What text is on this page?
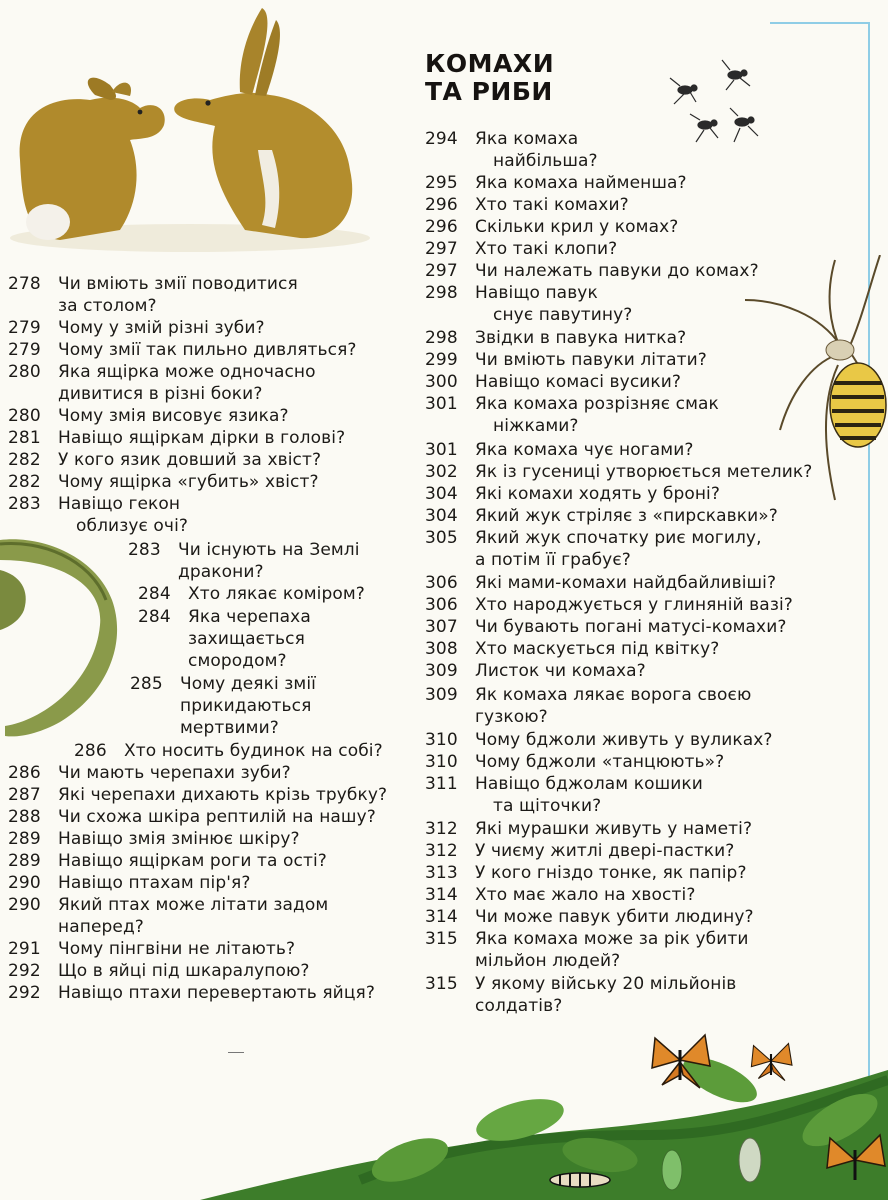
КОМАХИ
ТА РИБИ
278	Чи вміють змії поводитися
за столом?
279	Чому у змій різні зуби?
279	Чому змії так пильно дивляться?
280	Яка ящірка може одночасно
дивитися в різні боки?
280	Чому змія висовує язика?
281	Навіщо ящіркам дірки в голові?
282	У кого язик довший за хвіст?
282	Чому ящірка «губить» хвіст?
283	Навіщо гекон
облизує очі?
283	Чи існують на Землі
дракони?
284	Хто лякає коміром?
284	Яка черепаха
захищається
смородом?
285	Чому деякі змії
прикидаються
мертвими?
286	Хто носить будинок на собі?
286	Чи мають черепахи зуби?
287	Які черепахи дихають крізь трубку?
288	Чи схожа шкіра рептилій на нашу?
289	Навіщо змія змінює шкіру?
289	Навіщо ящіркам роги та ості?
290	Навіщо птахам пір'я?
290	Який птах може літати задом
наперед?
291	Чому пінгвіни не літають?
292	Що в яйці під шкаралупою?
292	Навіщо птахи перевертають яйця?
294	Яка комаха
найбільша?
295	Яка комаха найменша?
296	Хто такі комахи?
296	Скільки крил у комах?
297	Хто такі клопи?
297	Чи належать павуки до комах?
298	Навіщо павук
снує павутину?
298	Звідки в павука нитка?
299	Чи вміють павуки літати?
300	Навіщо комасі вусики?
301	Яка комаха розрізняє смак
ніжками?
301	Яка комаха чує ногами?
302	Як із гусениці утворюється метелик?
304	Які комахи ходять у броні?
304	Який жук стріляє з «пирскавки»?
305	Який жук спочатку риє могилу,
а потім її грабує?
306	Які мами-комахи найдбайливіші?
306	Хто народжується у глиняній вазі?
307	Чи бувають погані матусі-комахи?
308	Хто маскується під квітку?
309	Листок чи комаха?
309	Як комаха лякає ворога своєю
гузкою?
310	Чому бджоли живуть у вуликах?
310	Чому бджоли «танцюють»?
311	Навіщо бджолам кошики
та щіточки?
312	Які мурашки живуть у наметі?
312	У чиєму житлі двері-пастки?
313	У кого гніздо тонке, як папір?
314	Хто має жало на хвості?
314	Чи може павук убити людину?
315	Яка комаха може за рік убити
мільйон людей?
315	У якому війську 20 мільйонів
солдатів?
